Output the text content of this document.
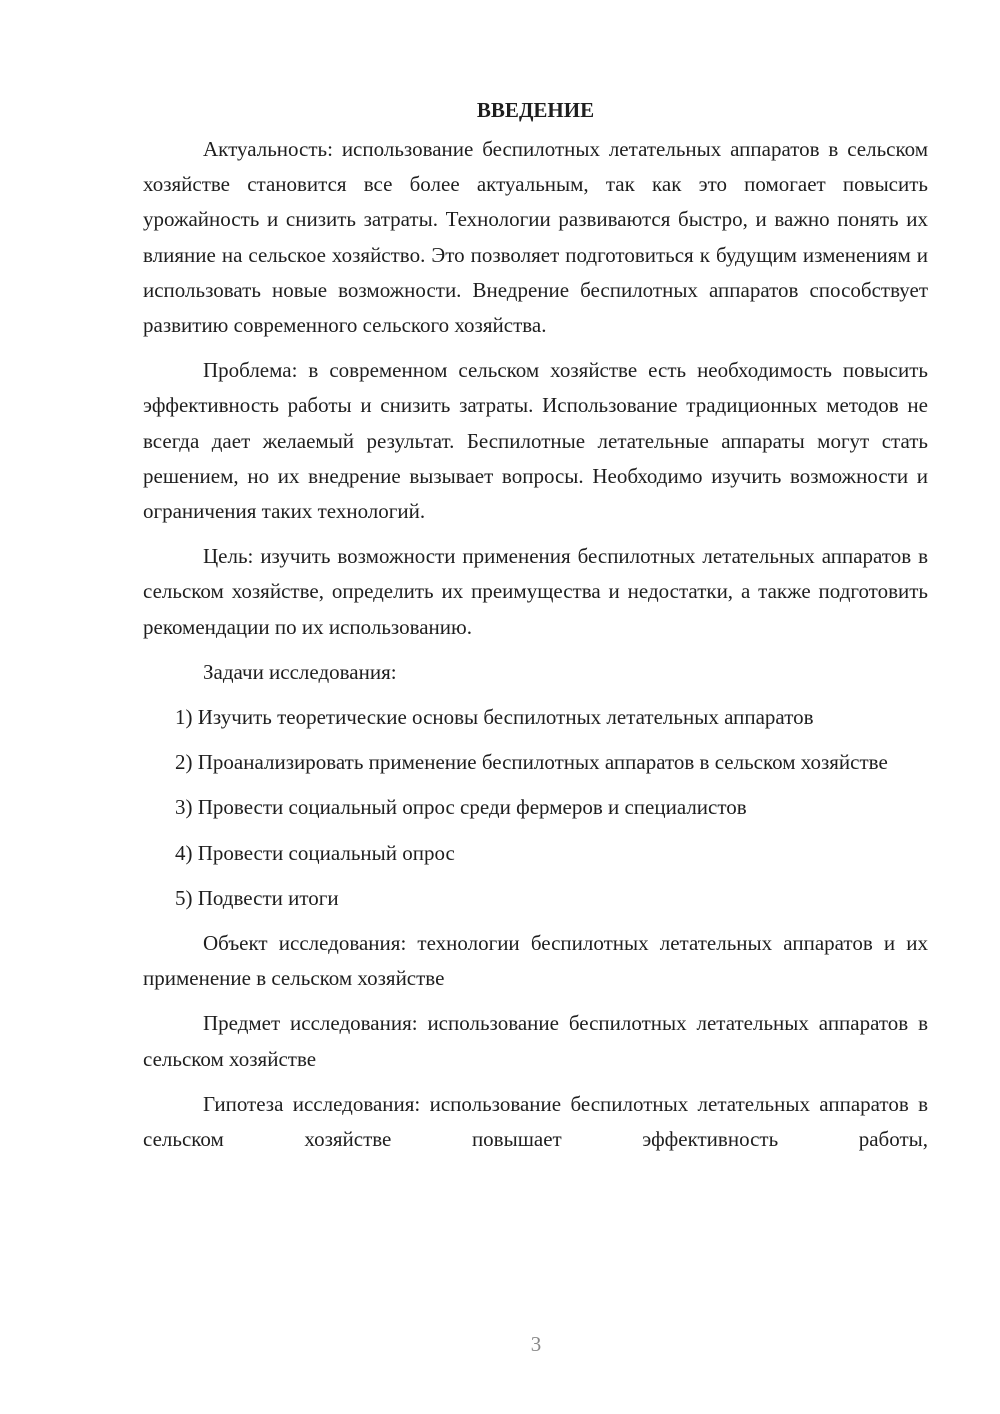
ВВЕДЕНИЕ

Актуальность: использование беспилотных летательных аппаратов в сельском хозяйстве становится все более актуальным, так как это помогает повысить урожайность и снизить затраты. Технологии развиваются быстро, и важно понять их влияние на сельское хозяйство. Это позволяет подготовиться к будущим изменениям и использовать новые возможности. Внедрение беспилотных аппаратов способствует развитию современного сельского хозяйства.

Проблема: в современном сельском хозяйстве есть необходимость повысить эффективность работы и снизить затраты. Использование традиционных методов не всегда дает желаемый результат. Беспилотные летательные аппараты могут стать решением, но их внедрение вызывает вопросы. Необходимо изучить возможности и ограничения таких технологий.

Цель: изучить возможности применения беспилотных летательных аппаратов в сельском хозяйстве, определить их преимущества и недостатки, а также подготовить рекомендации по их использованию.

Задачи исследования:

1) Изучить теоретические основы беспилотных летательных аппаратов

2) Проанализировать применение беспилотных аппаратов в сельском хозяйстве

3) Провести социальный опрос среди фермеров и специалистов

4) Провести социальный опрос

5) Подвести итоги

Объект исследования: технологии беспилотных летательных аппаратов и их применение в сельском хозяйстве

Предмет исследования: использование беспилотных летательных аппаратов в сельском хозяйстве

Гипотеза исследования: использование беспилотных летательных аппаратов в сельском хозяйстве повышает эффективность работы,

3
